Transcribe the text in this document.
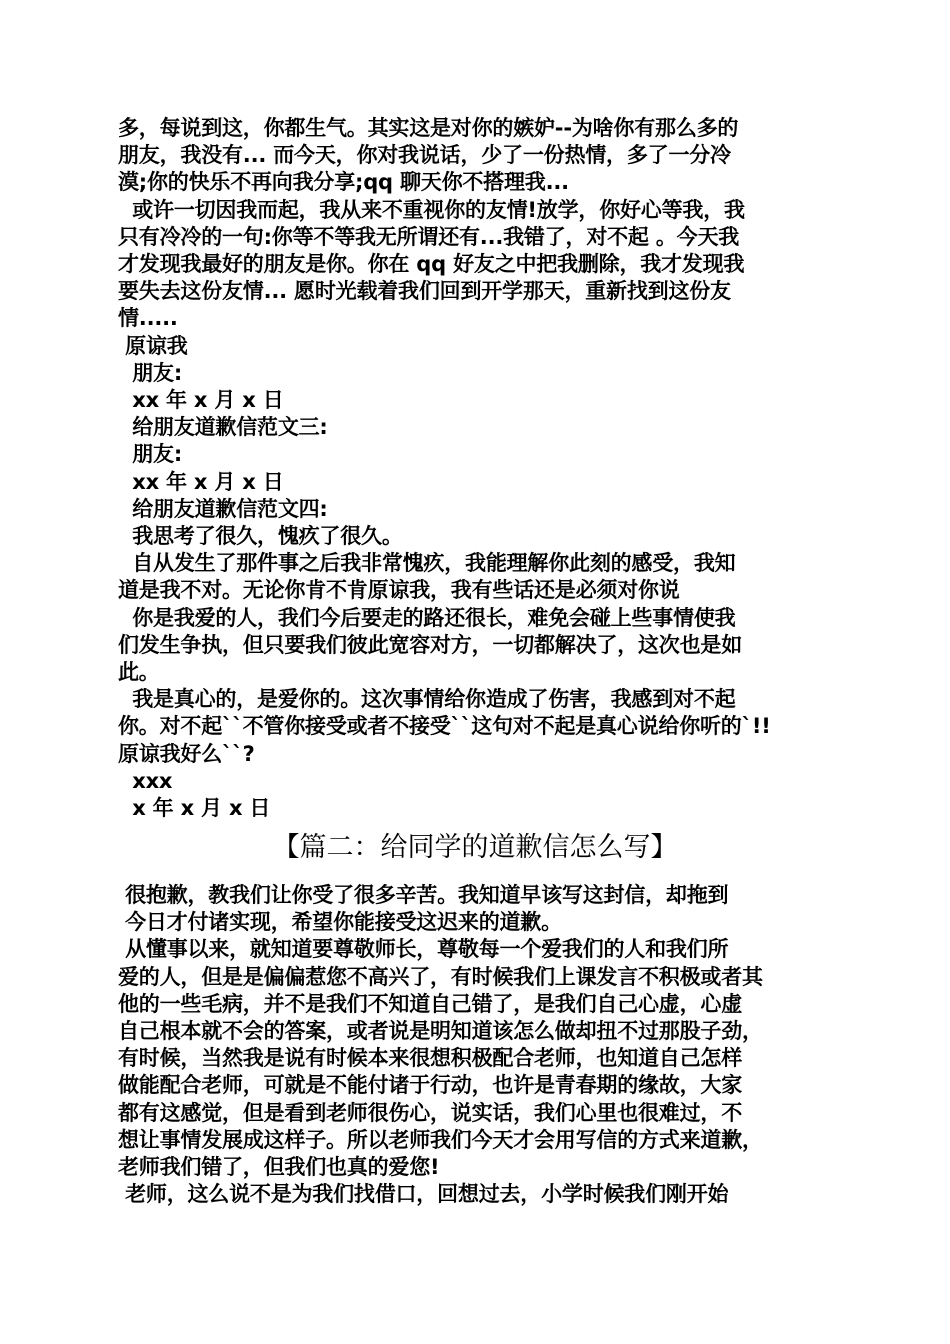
多，每说到这，你都生气。其实这是对你的嫉妒--为啥你有那么多的
朋友，我没有... 而今天，你对我说话，少了一份热情，多了一分冷
漠;你的快乐不再向我分享;qq 聊天你不搭理我...
或许一切因我而起，我从来不重视你的友情!放学，你好心等我，我
只有冷冷的一句:你等不等我无所谓还有...我错了，对不起 。今天我
才发现我最好的朋友是你。你在 qq 好友之中把我删除，我才发现我
要失去这份友情... 愿时光载着我们回到开学那天，重新找到这份友
情.....
原谅我
朋友:
xx 年 x 月 x 日
给朋友道歉信范文三:
朋友:
xx 年 x 月 x 日
给朋友道歉信范文四:
我思考了很久，愧疚了很久。
自从发生了那件事之后我非常愧疚，我能理解你此刻的感受，我知
道是我不对。无论你肯不肯原谅我，我有些话还是必须对你说
你是我爱的人，我们今后要走的路还很长，难免会碰上些事情使我
们发生争执，但只要我们彼此宽容对方，一切都解决了，这次也是如
此。
我是真心的，是爱你的。这次事情给你造成了伤害，我感到对不起
你。对不起``不管你接受或者不接受``这句对不起是真心说给你听的`!!
原谅我好么``?
xxx
x 年 x 月 x 日
【篇二：给同学的道歉信怎么写】
很抱歉，教我们让你受了很多辛苦。我知道早该写这封信，却拖到
今日才付诸实现，希望你能接受这迟来的道歉。
从懂事以来，就知道要尊敬师长，尊敬每一个爱我们的人和我们所
爱的人，但是是偏偏惹您不高兴了，有时候我们上课发言不积极或者其
他的一些毛病，并不是我们不知道自己错了，是我们自己心虚，心虚
自己根本就不会的答案，或者说是明知道该怎么做却扭不过那股子劲，
有时候，当然我是说有时候本来很想积极配合老师，也知道自己怎样
做能配合老师，可就是不能付诸于行动，也许是青春期的缘故，大家
都有这感觉，但是看到老师很伤心，说实话，我们心里也很难过，不
想让事情发展成这样子。所以老师我们今天才会用写信的方式来道歉，
老师我们错了，但我们也真的爱您!
老师，这么说不是为我们找借口，回想过去，小学时候我们刚开始
